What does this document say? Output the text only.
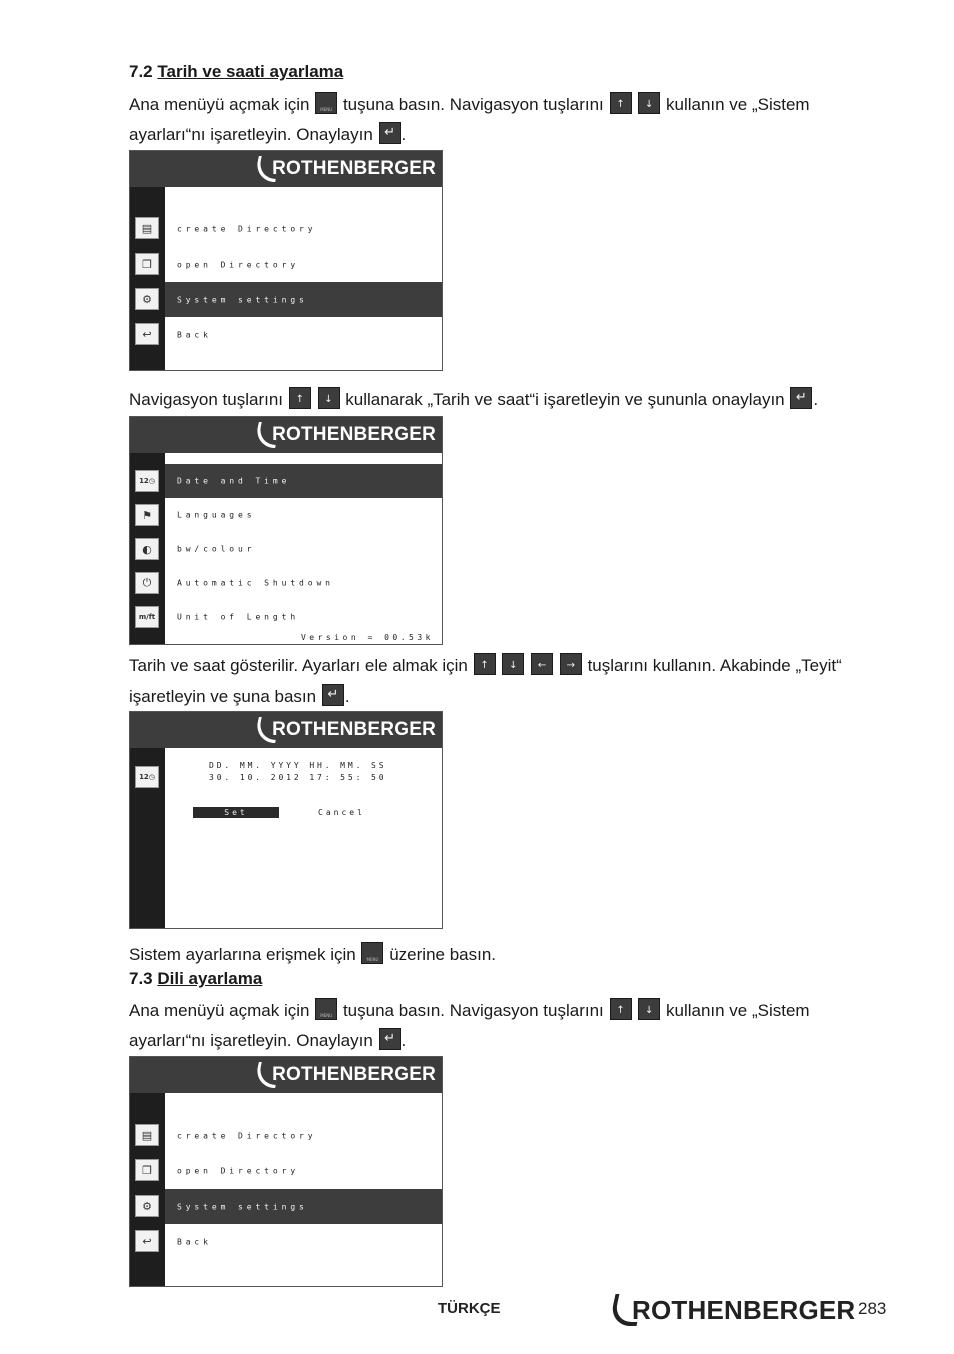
7.2 Tarih ve saati ayarlama
Ana menüyü açmak için MENU tuşuna basın. Navigasyon tuşlarını ↑ ↓	kullanın ve „Sistem
ayarları“nı işaretleyin. Onaylayın ↵ .
ROTHENBERGER
create Directory
open Directory
System settings
Back
▤
❐
⚙
↩
Navigasyon tuşlarını ↑ ↓	kullanarak „Tarih ve saat“i işaretleyin ve şununla onaylayın ↵ .
ROTHENBERGER
Date and Time
Languages
bw/colour
Automatic Shutdown
Unit of Length
12◷
⚑
◐
⏻
m/ft
Version = 00.53k
Tarih ve saat gösterilir. Ayarları ele almak için ↑ ↓ ← →	tuşlarını kullanın. Akabinde „Teyit“
işaretleyin ve şuna basın ↵ .
ROTHENBERGER
12◷
DD. MM. YYYY HH. MM. SS
30. 10. 2012 17: 55: 50
Set	Cancel
Sistem ayarlarına erişmek için MENU üzerine basın.
7.3 Dili ayarlama
Ana menüyü açmak için MENU tuşuna basın. Navigasyon tuşlarını ↑ ↓	kullanın ve „Sistem
ayarları“nı işaretleyin. Onaylayın ↵ .
ROTHENBERGER
create Directory
open Directory
System settings
Back
▤
❐
⚙
↩
TÜRKÇE	ROTHENBERGER 283
